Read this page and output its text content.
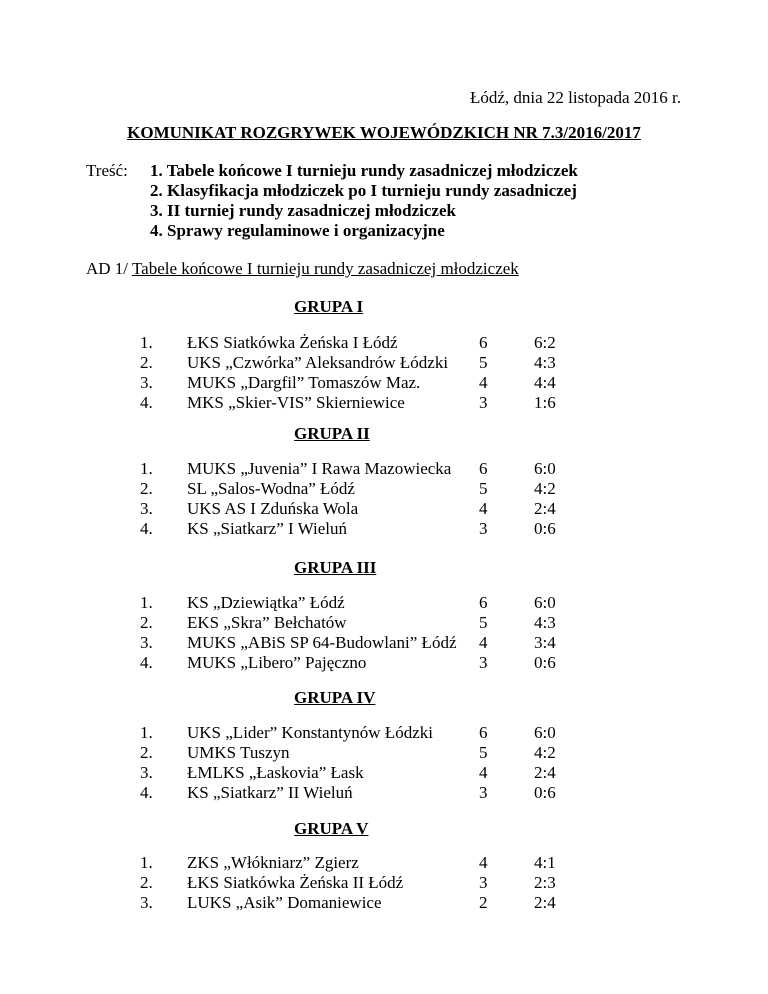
Łódź, dnia 22 listopada 2016 r.
KOMUNIKAT ROZGRYWEK WOJEWÓDZKICH NR 7.3/2016/2017
Treść: 1. Tabele końcowe I turnieju rundy zasadniczej młodziczek
2. Klasyfikacja młodziczek po I turnieju rundy zasadniczej
3. II turniej rundy zasadniczej młodziczek
4. Sprawy regulaminowe i organizacyjne
AD 1/ Tabele końcowe I turnieju rundy zasadniczej młodziczek
GRUPA I
1. ŁKS Siatkówka Żeńska I Łódź	6	6:2
2. UKS „Czwórka” Aleksandrów Łódzki 5	4:3
3. MUKS „Dargfil” Tomaszów Maz.	4	4:4
4. MKS „Skier-VIS” Skierniewice	3	1:6
GRUPA II
1. MUKS „Juvenia” I Rawa Mazowiecka 6	6:0
2. SL „Salos-Wodna” Łódź	5	4:2
3. UKS AS I Zduńska Wola	4	2:4
4. KS „Siatkarz” I Wieluń	3	0:6
GRUPA III
1. KS „Dziewiątka” Łódź	6	6:0
2. EKS „Skra” Bełchatów	5	4:3
3. MUKS „ABiS SP 64-Budowlani” Łódź 4	3:4
4. MUKS „Libero” Pajęczno	3	0:6
GRUPA IV
1. UKS „Lider” Konstantynów Łódzki	6	6:0
2. UMKS Tuszyn	5	4:2
3. ŁMLKS „Łaskovia” Łask	4	2:4
4. KS „Siatkarz” II Wieluń	3	0:6
GRUPA V
1. ZKS „Włókniarz” Zgierz	4	4:1
2. ŁKS Siatkówka Żeńska II Łódź	3	2:3
3. LUKS „Asik” Domaniewice	2	2:4
